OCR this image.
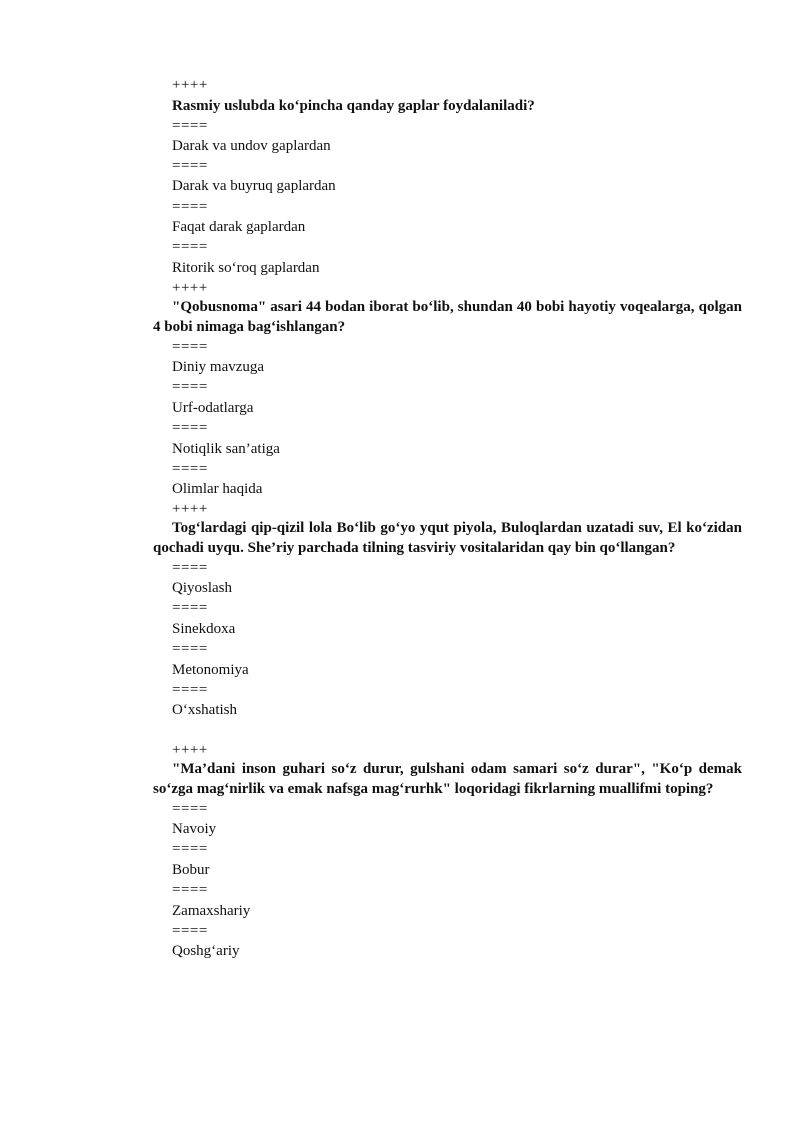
++++
Rasmiy uslubda ko‘pincha qanday gaplar foydalaniladi?
====
Darak va undov gaplardan
====
Darak va buyruq gaplardan
====
Faqat darak gaplardan
====
Ritorik so‘roq gaplardan
++++
"Qobusnoma" asari 44 bodan iborat bo‘lib, shundan 40 bobi hayotiy voqealarga, qolgan 4 bobi nimaga bag‘ishlangan?
====
Diniy mavzuga
====
Urf-odatlarga
====
Notiqlik san’atiga
====
Olimlar haqida
++++
Tog‘lardagi qip-qizil lola Bo‘lib go‘yo yqut piyola, Buloqlardan uzatadi suv, El ko‘zidan qochadi uyqu. She’riy parchada tilning tasviriy vositalaridan qay bin qo‘llangan?
====
Qiyoslash
====
Sinekdoxa
====
Metonomiya
====
O‘xshatish
++++
"Ma’dani inson guhari so‘z durur, gulshani odam samari so‘z durar", "Ko‘p demak so‘zga mag‘nirlik va emak nafsga mag‘rurhk" loqoridagi fikrlarning muallifmi toping?
====
Navoiy
====
Bobur
====
Zamaxshariy
====
Qoshg‘ariy
